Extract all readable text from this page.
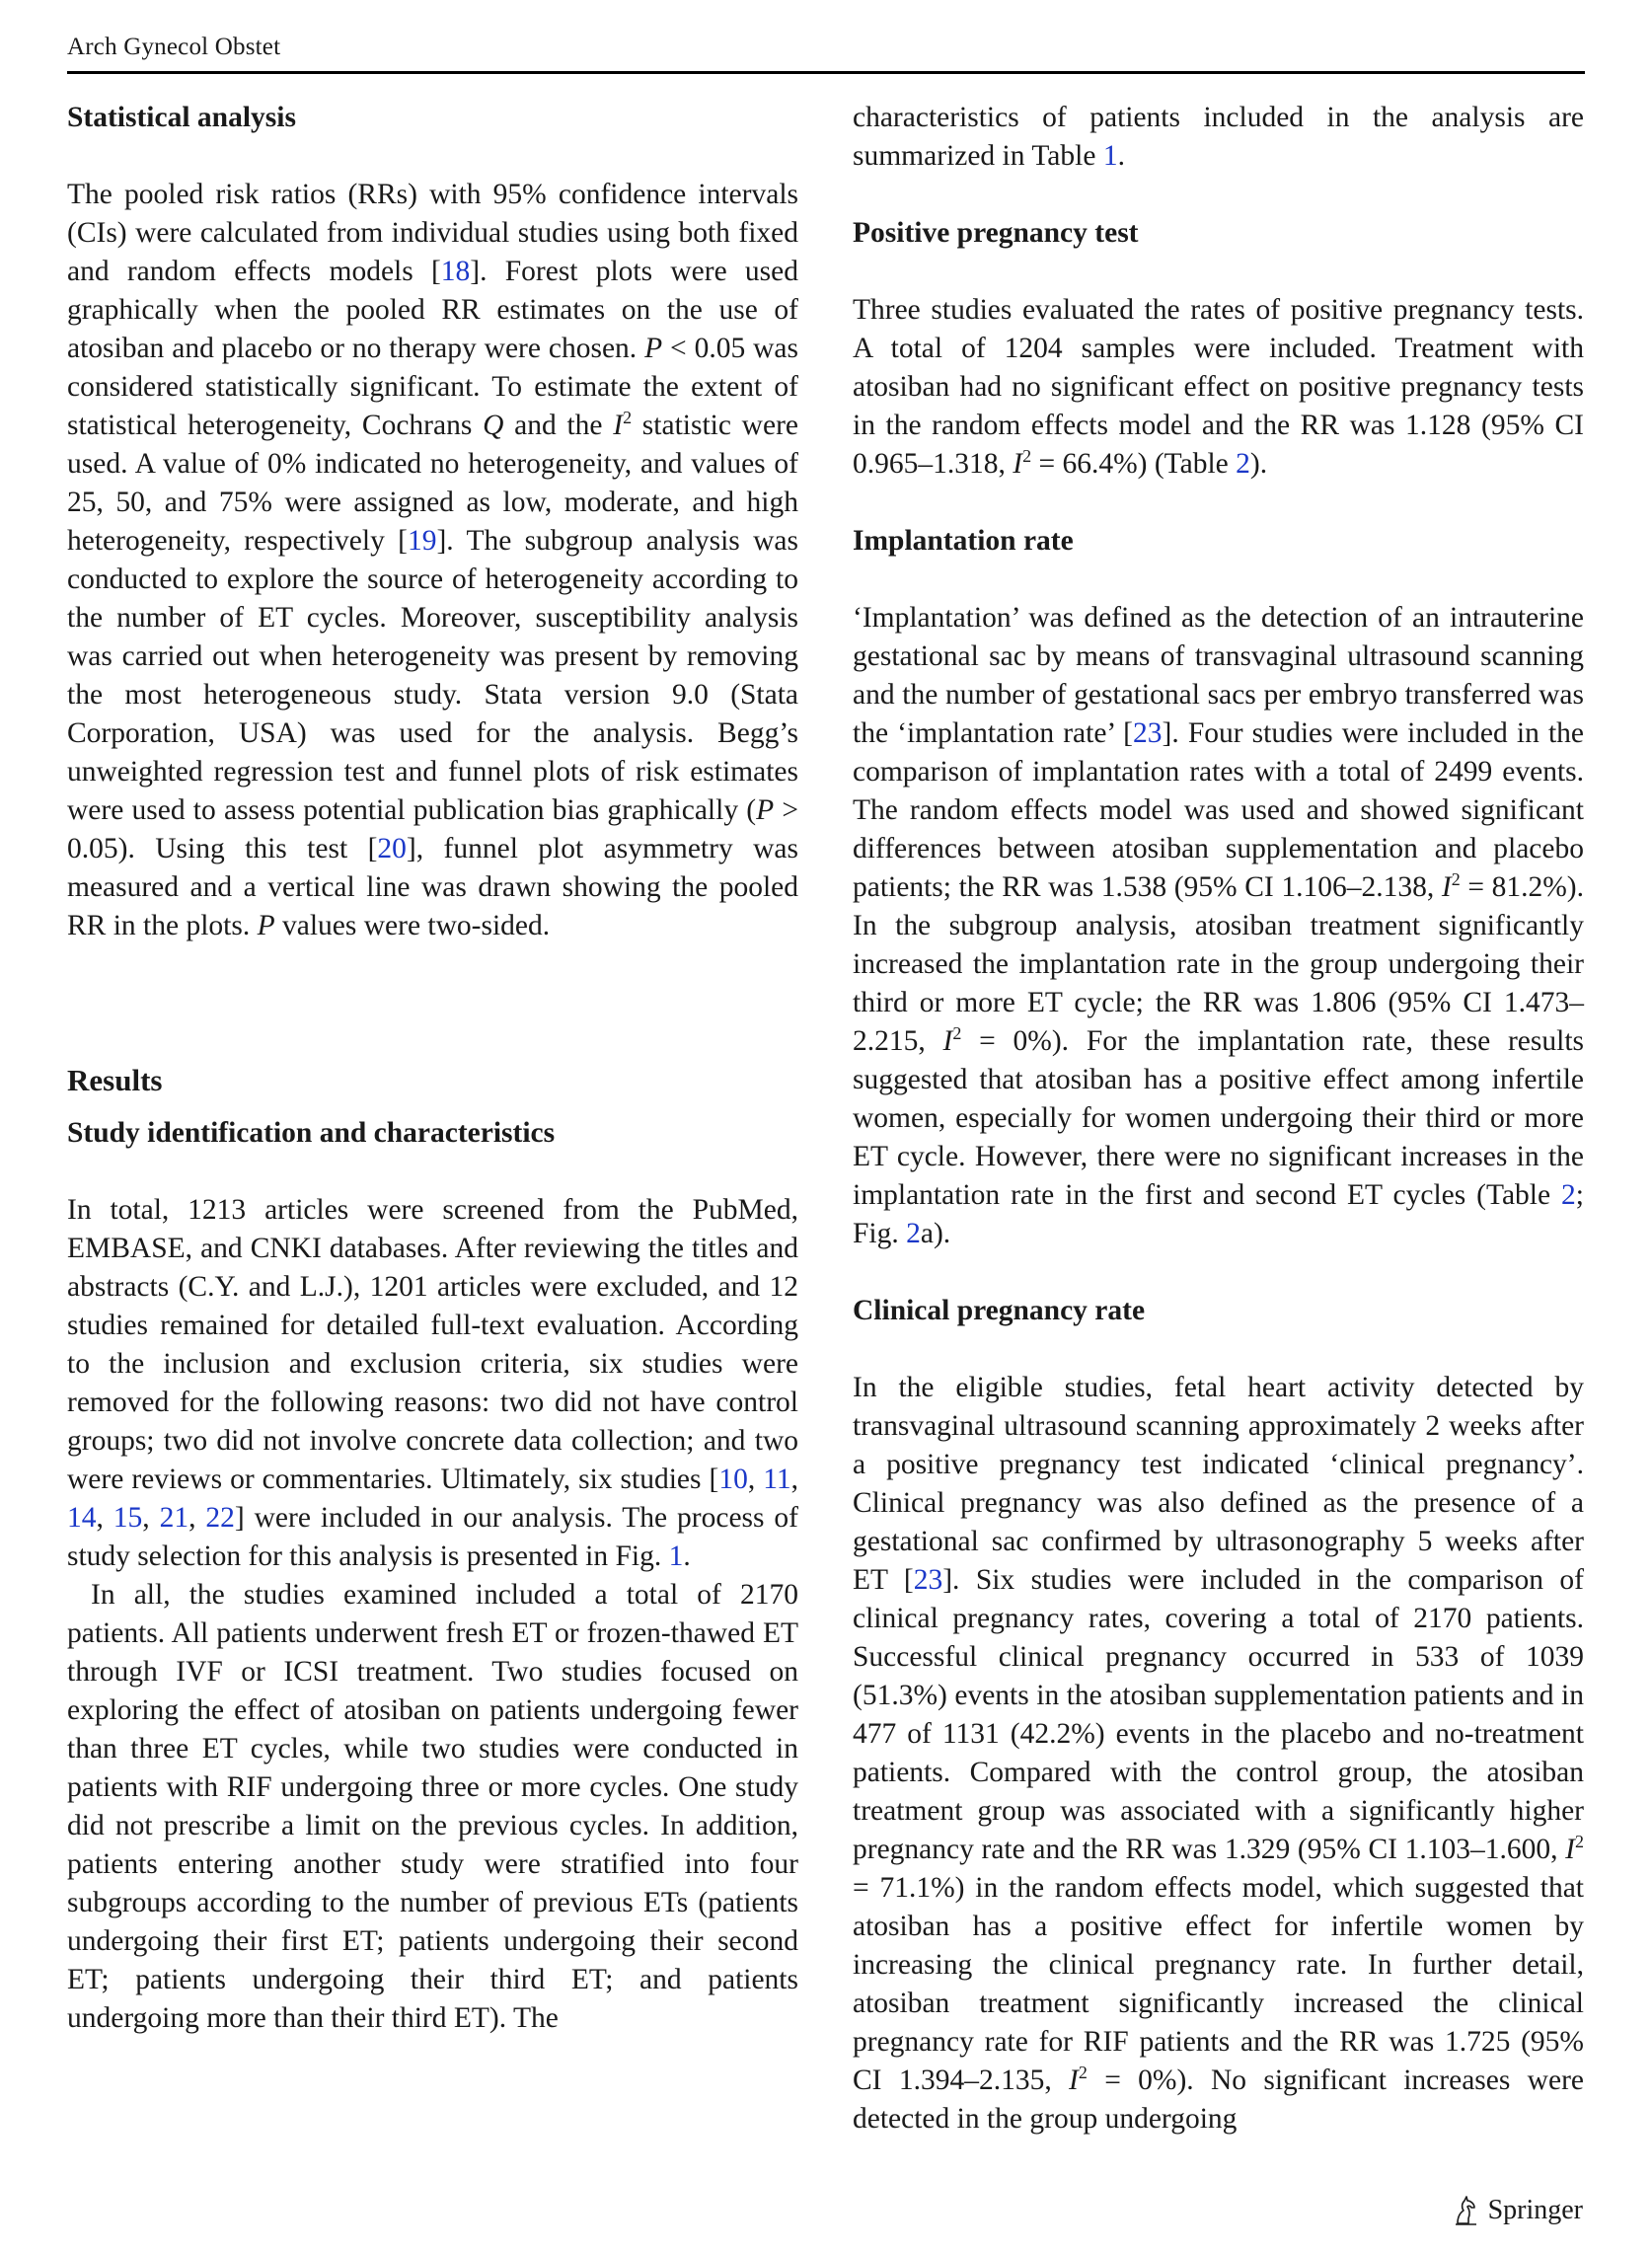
Arch Gynecol Obstet
Statistical analysis

The pooled risk ratios (RRs) with 95% confidence intervals (CIs) were calculated from individual studies using both fixed and random effects models [18]. Forest plots were used graphically when the pooled RR estimates on the use of atosiban and placebo or no therapy were chosen. P < 0.05 was considered statistically significant. To estimate the extent of statistical heterogeneity, Cochrans Q and the $I^2$ statistic were used. A value of 0% indicated no heterogeneity, and values of 25, 50, and 75% were assigned as low, moderate, and high heterogeneity, respectively [19]. The subgroup analysis was conducted to explore the source of heterogeneity according to the number of ET cycles. Moreover, susceptibility analysis was carried out when heterogeneity was present by removing the most heterogeneous study. Stata version 9.0 (Stata Corporation, USA) was used for the analysis. Begg’s unweighted regression test and funnel plots of risk estimates were used to assess potential publication bias graphically (P > 0.05). Using this test [20], funnel plot asymmetry was measured and a vertical line was drawn showing the pooled RR in the plots. P values were two-sided.

Results
Study identification and characteristics

In total, 1213 articles were screened from the PubMed, EMBASE, and CNKI databases. After reviewing the titles and abstracts (C.Y. and L.J.), 1201 articles were excluded, and 12 studies remained for detailed full-text evaluation. According to the inclusion and exclusion criteria, six studies were removed for the following reasons: two did not have control groups; two did not involve concrete data collection; and two were reviews or commentaries. Ultimately, six studies [10, 11, 14, 15, 21, 22] were included in our analysis. The process of study selection for this analysis is presented in Fig. 1.

In all, the studies examined included a total of 2170 patients. All patients underwent fresh ET or frozen-thawed ET through IVF or ICSI treatment. Two studies focused on exploring the effect of atosiban on patients undergoing fewer than three ET cycles, while two studies were conducted in patients with RIF undergoing three or more cycles. One study did not prescribe a limit on the previous cycles. In addition, patients entering another study were stratified into four subgroups according to the number of previous ETs (patients undergoing their first ET; patients undergoing their second ET; patients undergoing their third ET; and patients undergoing more than their third ET). The

characteristics of patients included in the analysis are summarized in Table 1.

Positive pregnancy test

Three studies evaluated the rates of positive pregnancy tests. A total of 1204 samples were included. Treatment with atosiban had no significant effect on positive pregnancy tests in the random effects model and the RR was 1.128 (95% CI 0.965–1.318, $I^2 = 66.4\%$) (Table 2).

Implantation rate

‘Implantation’ was defined as the detection of an intrauterine gestational sac by means of transvaginal ultrasound scanning and the number of gestational sacs per embryo transferred was the ‘implantation rate’ [23]. Four studies were included in the comparison of implantation rates with a total of 2499 events. The random effects model was used and showed significant differences between atosiban supplementation and placebo patients; the RR was 1.538 (95% CI 1.106–2.138, $I^2 = 81.2\%$). In the subgroup analysis, atosiban treatment significantly increased the implantation rate in the group undergoing their third or more ET cycle; the RR was 1.806 (95% CI 1.473–2.215, $I^2 = 0\%$). For the implantation rate, these results suggested that atosiban has a positive effect among infertile women, especially for women undergoing their third or more ET cycle. However, there were no significant increases in the implantation rate in the first and second ET cycles (Table 2; Fig. 2a).

Clinical pregnancy rate

In the eligible studies, fetal heart activity detected by transvaginal ultrasound scanning approximately 2 weeks after a positive pregnancy test indicated ‘clinical pregnancy’. Clinical pregnancy was also defined as the presence of a gestational sac confirmed by ultrasonography 5 weeks after ET [23]. Six studies were included in the comparison of clinical pregnancy rates, covering a total of 2170 patients. Successful clinical pregnancy occurred in 533 of 1039 (51.3%) events in the atosiban supplementation patients and in 477 of 1131 (42.2%) events in the placebo and no-treatment patients. Compared with the control group, the atosiban treatment group was associated with a significantly higher pregnancy rate and the RR was 1.329 (95% CI 1.103–1.600, $I^2 = 71.1\%$) in the random effects model, which suggested that atosiban has a positive effect for infertile women by increasing the clinical pregnancy rate. In further detail, atosiban treatment significantly increased the clinical pregnancy rate for RIF patients and the RR was 1.725 (95% CI 1.394–2.135, $I^2 = 0\%$). No significant increases were detected in the group undergoing

Springer
